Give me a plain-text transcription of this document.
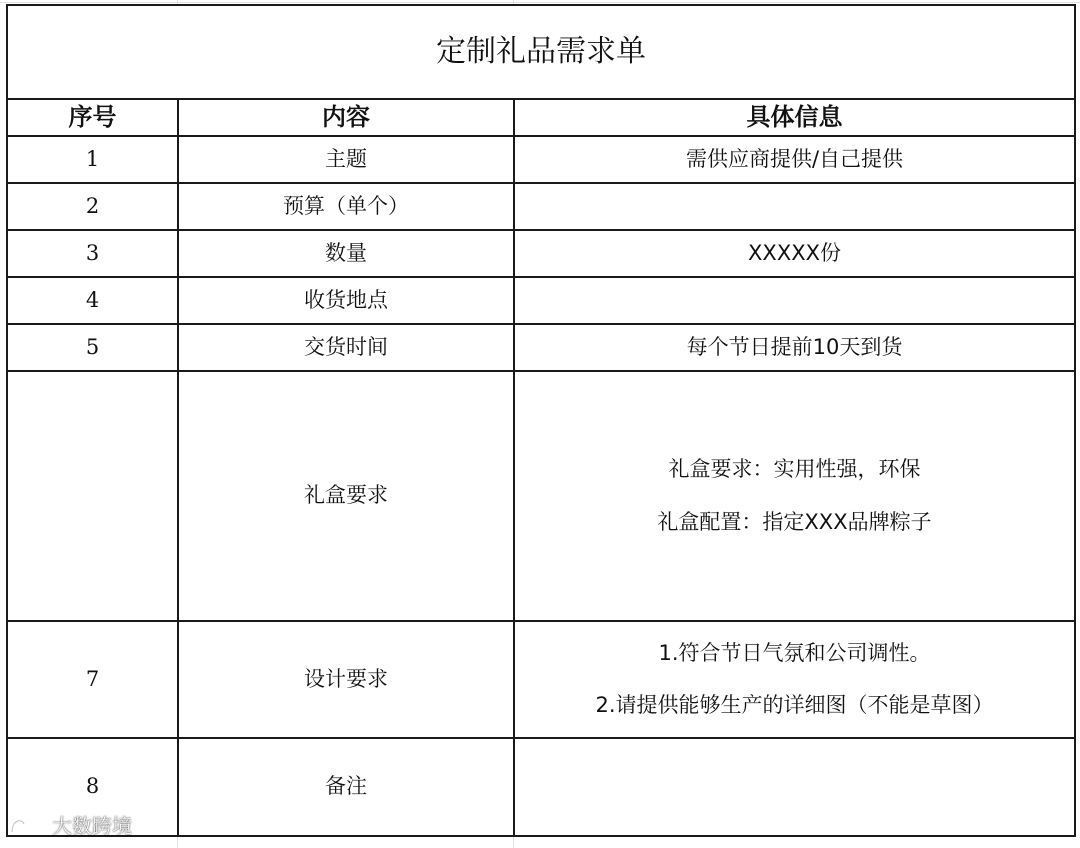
定制礼品需求单		
序号	内容	具体信息
1	主题	需供应商提供/自己提供

2	预算（单个）	
3	数量	XXXXX份

4	收货地点	
5	交货时间	每个节日提前10天到货

	礼盒要求	礼盒要求：实用性强，环保
礼盒配置：指定XXX品牌粽子

7	设计要求	1.符合节日气氛和公司调性。
2.请提供能够生产的详细图（不能是草图）

8	备注	
大数跨境
